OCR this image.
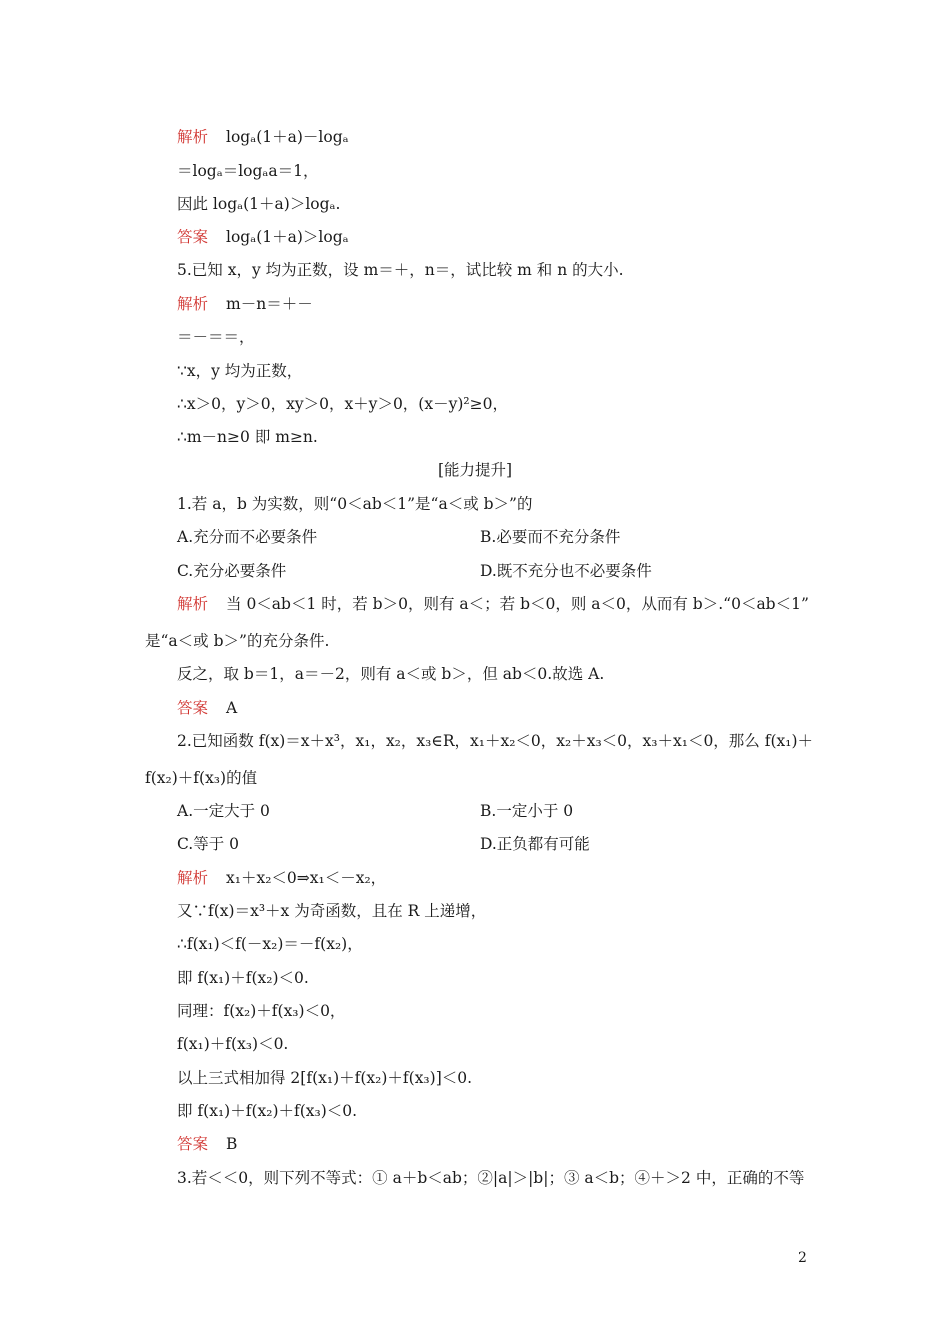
解析 logₐ(1＋a)－logₐ
＝logₐ＝logₐa＝1，
因此 logₐ(1＋a)＞logₐ.
答案 logₐ(1＋a)＞logₐ
5.已知 x，y 均为正数，设 m＝＋，n＝，试比较 m 和 n 的大小.
解析 m－n＝＋－
＝－＝＝，
∵x，y 均为正数，
∴x＞0，y＞0，xy＞0，x＋y＞0，(x－y)²≥0，
∴m－n≥0 即 m≥n.
[能力提升]
1.若 a，b 为实数，则“0＜ab＜1”是“a＜或 b＞”的
A.充分而不必要条件	B.必要而不充分条件
C.充分必要条件	D.既不充分也不必要条件
解析 当 0＜ab＜1 时，若 b＞0，则有 a＜；若 b＜0，则 a＜0，从而有 b＞.“0＜ab＜1”
是“a＜或 b＞”的充分条件.
反之，取 b＝1，a＝－2，则有 a＜或 b＞，但 ab＜0.故选 A.
答案 A
2.已知函数 f(x)＝x＋x³，x₁，x₂，x₃∈R，x₁＋x₂＜0，x₂＋x₃＜0，x₃＋x₁＜0，那么 f(x₁)＋
f(x₂)＋f(x₃)的值
A.一定大于 0	B.一定小于 0
C.等于 0	D.正负都有可能
解析 x₁＋x₂＜0⇒x₁＜－x₂，
又∵f(x)＝x³＋x 为奇函数，且在 R 上递增，
∴f(x₁)＜f(－x₂)＝－f(x₂)，
即 f(x₁)＋f(x₂)＜0.
同理：f(x₂)＋f(x₃)＜0，
f(x₁)＋f(x₃)＜0.
以上三式相加得 2[f(x₁)＋f(x₂)＋f(x₃)]＜0.
即 f(x₁)＋f(x₂)＋f(x₃)＜0.
答案 B
3.若＜＜0，则下列不等式：① a＋b＜ab；②|a|＞|b|；③ a＜b；④＋＞2 中，正确的不等
2
